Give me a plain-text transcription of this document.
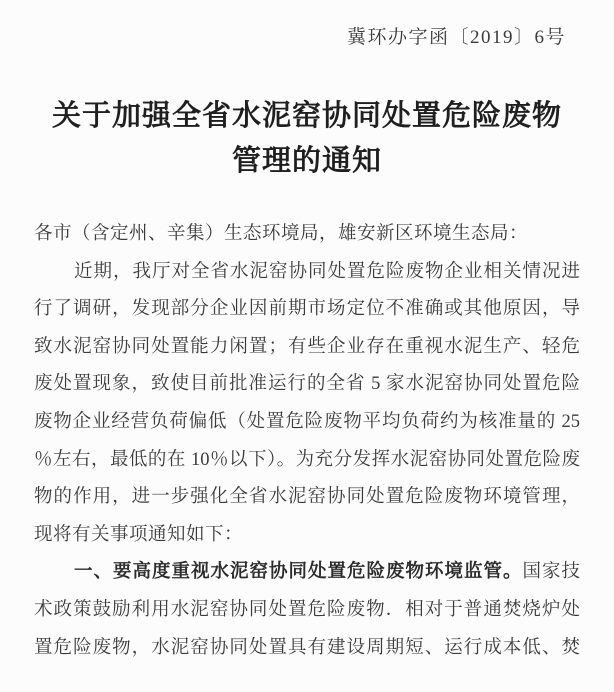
冀环办字函〔2019〕6号
关于加强全省水泥窑协同处置危险废物
管理的通知
各市（含定州、辛集）生态环境局，雄安新区环境生态局：
近期，我厅对全省水泥窑协同处置危险废物企业相关情况进
行了调研，发现部分企业因前期市场定位不准确或其他原因，导
致水泥窑协同处置能力闲置；有些企业存在重视水泥生产、轻危
废处置现象，致使目前批准运行的全省 5 家水泥窑协同处置危险
废物企业经营负荷偏低（处置危险废物平均负荷约为核准量的 25
％左右，最低的在 10％以下）。为充分发挥水泥窑协同处置危险废
物的作用，进一步强化全省水泥窑协同处置危险废物环境管理，
现将有关事项通知如下：
一、要高度重视水泥窑协同处置危险废物环境监管。国家技
术政策鼓励利用水泥窑协同处置危险废物．相对于普通焚烧炉处
置危险废物，水泥窑协同处置具有建设周期短、运行成本低、焚
